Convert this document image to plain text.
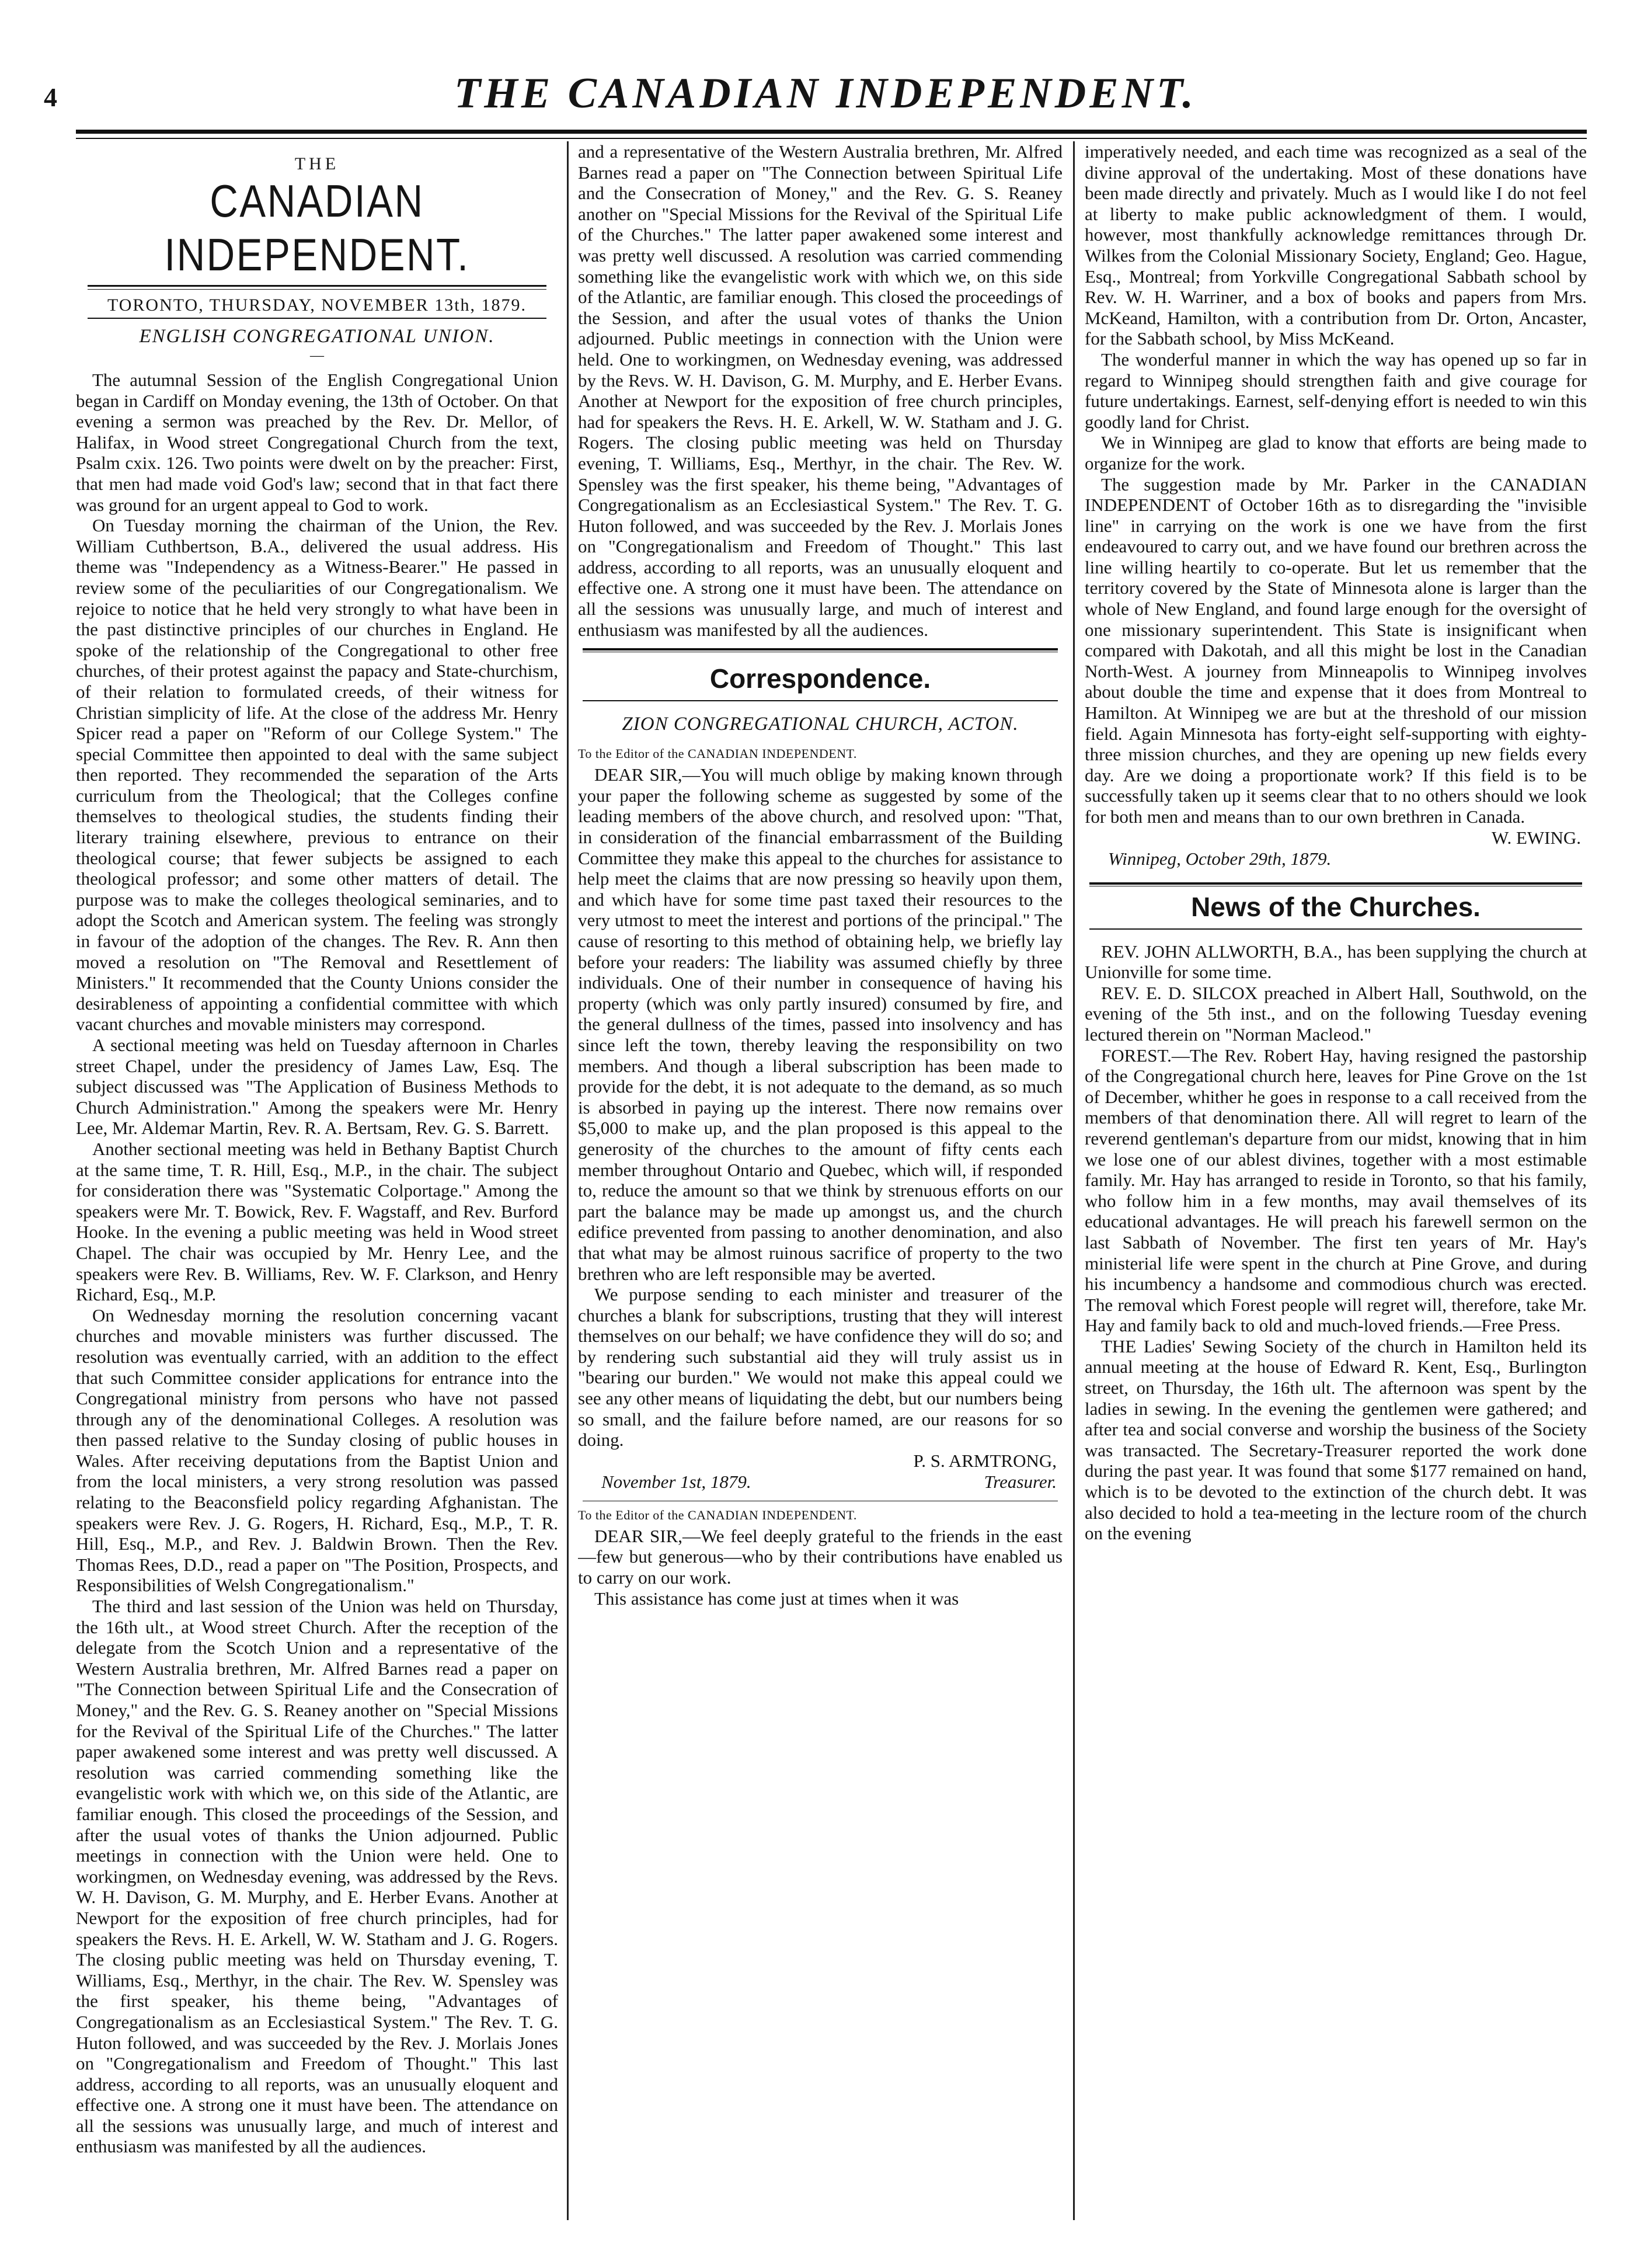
4	THE CANADIAN INDEPENDENT.
THE
CANADIAN INDEPENDENT.
TORONTO, THURSDAY, NOVEMBER 13th, 1879.
ENGLISH CONGREGATIONAL UNION.
—

The autumnal Session of the English Congregational Union began in Cardiff on Monday evening, the 13th of October. On that evening a sermon was preached by the Rev. Dr. Mellor, of Halifax, in Wood street Congregational Church from the text, Psalm cxix. 126. Two points were dwelt on by the preacher: First, that men had made void God's law; second that in that fact there was ground for an urgent appeal to God to work.

On Tuesday morning the chairman of the Union, the Rev. William Cuthbertson, B.A., delivered the usual address. His theme was "Independency as a Witness-Bearer." He passed in review some of the peculiarities of our Congregationalism. We rejoice to notice that he held very strongly to what have been in the past distinctive principles of our churches in England. He spoke of the relationship of the Congregational to other free churches, of their protest against the papacy and State-churchism, of their relation to formulated creeds, of their witness for Christian simplicity of life. At the close of the address Mr. Henry Spicer read a paper on "Reform of our College System." The special Committee then appointed to deal with the same subject then reported. They recommended the separation of the Arts curriculum from the Theological; that the Colleges confine themselves to theological studies, the students finding their literary training elsewhere, previous to entrance on their theological course; that fewer subjects be assigned to each theological professor; and some other matters of detail. The purpose was to make the colleges theological seminaries, and to adopt the Scotch and American system. The feeling was strongly in favour of the adoption of the changes. The Rev. R. Ann then moved a resolution on "The Removal and Resettlement of Ministers." It recommended that the County Unions consider the desirableness of appointing a confidential committee with which vacant churches and movable ministers may correspond.

A sectional meeting was held on Tuesday afternoon in Charles street Chapel, under the presidency of James Law, Esq. The subject discussed was "The Application of Business Methods to Church Administration." Among the speakers were Mr. Henry Lee, Mr. Aldemar Martin, Rev. R. A. Bertsam, Rev. G. S. Barrett.

Another sectional meeting was held in Bethany Baptist Church at the same time, T. R. Hill, Esq., M.P., in the chair. The subject for consideration there was "Systematic Colportage." Among the speakers were Mr. T. Bowick, Rev. F. Wagstaff, and Rev. Burford Hooke. In the evening a public meeting was held in Wood street Chapel. The chair was occupied by Mr. Henry Lee, and the speakers were Rev. B. Williams, Rev. W. F. Clarkson, and Henry Richard, Esq., M.P.

On Wednesday morning the resolution concerning vacant churches and movable ministers was further discussed. The resolution was eventually carried, with an addition to the effect that such Committee consider applications for entrance into the Congregational ministry from persons who have not passed through any of the denominational Colleges. A resolution was then passed relative to the Sunday closing of public houses in Wales. After receiving deputations from the Baptist Union and from the local ministers, a very strong resolution was passed relating to the Beaconsfield policy regarding Afghanistan. The speakers were Rev. J. G. Rogers, H. Richard, Esq., M.P., T. R. Hill, Esq., M.P., and Rev. J. Baldwin Brown. Then the Rev. Thomas Rees, D.D., read a paper on "The Position, Prospects, and Responsibilities of Welsh Congregationalism."

The third and last session of the Union was held on Thursday, the 16th ult., at Wood street Church. After the reception of the delegate from the Scotch Union and a representative of the Western Australia brethren, Mr. Alfred Barnes read a paper on "The Connection between Spiritual Life and the Consecration of Money," and the Rev. G. S. Reaney another on "Special Missions for the Revival of the Spiritual Life of the Churches." The latter paper awakened some interest and was pretty well discussed. A resolution was carried commending something like the evangelistic work with which we, on this side of the Atlantic, are familiar enough. This closed the proceedings of the Session, and after the usual votes of thanks the Union adjourned. Public meetings in connection with the Union were held. One to workingmen, on Wednesday evening, was addressed by the Revs. W. H. Davison, G. M. Murphy, and E. Herber Evans. Another at Newport for the exposition of free church principles, had for speakers the Revs. H. E. Arkell, W. W. Statham and J. G. Rogers. The closing public meeting was held on Thursday evening, T. Williams, Esq., Merthyr, in the chair. The Rev. W. Spensley was the first speaker, his theme being, "Advantages of Congregationalism as an Ecclesiastical System." The Rev. T. G. Huton followed, and was succeeded by the Rev. J. Morlais Jones on "Congregationalism and Freedom of Thought." This last address, according to all reports, was an unusually eloquent and effective one. A strong one it must have been. The attendance on all the sessions was unusually large, and much of interest and enthusiasm was manifested by all the audiences.

and a representative of the Western Australia brethren, Mr. Alfred Barnes read a paper on "The Connection between Spiritual Life and the Consecration of Money," and the Rev. G. S. Reaney another on "Special Missions for the Revival of the Spiritual Life of the Churches." The latter paper awakened some interest and was pretty well discussed. A resolution was carried commending something like the evangelistic work with which we, on this side of the Atlantic, are familiar enough. This closed the proceedings of the Session, and after the usual votes of thanks the Union adjourned. Public meetings in connection with the Union were held. One to workingmen, on Wednesday evening, was addressed by the Revs. W. H. Davison, G. M. Murphy, and E. Herber Evans. Another at Newport for the exposition of free church principles, had for speakers the Revs. H. E. Arkell, W. W. Statham and J. G. Rogers. The closing public meeting was held on Thursday evening, T. Williams, Esq., Merthyr, in the chair. The Rev. W. Spensley was the first speaker, his theme being, "Advantages of Congregationalism as an Ecclesiastical System." The Rev. T. G. Huton followed, and was succeeded by the Rev. J. Morlais Jones on "Congregationalism and Freedom of Thought." This last address, according to all reports, was an unusually eloquent and effective one. A strong one it must have been. The attendance on all the sessions was unusually large, and much of interest and enthusiasm was manifested by all the audiences.

Correspondence.
ZION CONGREGATIONAL CHURCH, ACTON.

To the Editor of the CANADIAN INDEPENDENT.

DEAR SIR,—You will much oblige by making known through your paper the following scheme as suggested by some of the leading members of the above church, and resolved upon: "That, in consideration of the financial embarrassment of the Building Committee they make this appeal to the churches for assistance to help meet the claims that are now pressing so heavily upon them, and which have for some time past taxed their resources to the very utmost to meet the interest and portions of the principal." The cause of resorting to this method of obtaining help, we briefly lay before your readers: The liability was assumed chiefly by three individuals. One of their number in consequence of having his property (which was only partly insured) consumed by fire, and the general dullness of the times, passed into insolvency and has since left the town, thereby leaving the responsibility on two members. And though a liberal subscription has been made to provide for the debt, it is not adequate to the demand, as so much is absorbed in paying up the interest. There now remains over $5,000 to make up, and the plan proposed is this appeal to the generosity of the churches to the amount of fifty cents each member throughout Ontario and Quebec, which will, if responded to, reduce the amount so that we think by strenuous efforts on our part the balance may be made up amongst us, and the church edifice prevented from passing to another denomination, and also that what may be almost ruinous sacrifice of property to the two brethren who are left responsible may be averted.

We purpose sending to each minister and treasurer of the churches a blank for subscriptions, trusting that they will interest themselves on our behalf; we have confidence they will do so; and by rendering such substantial aid they will truly assist us in "bearing our burden." We would not make this appeal could we see any other means of liquidating the debt, but our numbers being so small, and the failure before named, are our reasons for so doing.

P. S. ARMTRONG,
November 1st, 1879.	Treasurer.

To the Editor of the CANADIAN INDEPENDENT.

DEAR SIR,—We feel deeply grateful to the friends in the east—few but generous—who by their contributions have enabled us to carry on our work.

This assistance has come just at times when it was

imperatively needed, and each time was recognized as a seal of the divine approval of the undertaking. Most of these donations have been made directly and privately. Much as I would like I do not feel at liberty to make public acknowledgment of them. I would, however, most thankfully acknowledge remittances through Dr. Wilkes from the Colonial Missionary Society, England; Geo. Hague, Esq., Montreal; from Yorkville Congregational Sabbath school by Rev. W. H. Warriner, and a box of books and papers from Mrs. McKeand, Hamilton, with a contribution from Dr. Orton, Ancaster, for the Sabbath school, by Miss McKeand.

The wonderful manner in which the way has opened up so far in regard to Winnipeg should strengthen faith and give courage for future undertakings. Earnest, self-denying effort is needed to win this goodly land for Christ.

We in Winnipeg are glad to know that efforts are being made to organize for the work.

The suggestion made by Mr. Parker in the CANADIAN INDEPENDENT of October 16th as to disregarding the "invisible line" in carrying on the work is one we have from the first endeavoured to carry out, and we have found our brethren across the line willing heartily to co-operate. But let us remember that the territory covered by the State of Minnesota alone is larger than the whole of New England, and found large enough for the oversight of one missionary superintendent. This State is insignificant when compared with Dakotah, and all this might be lost in the Canadian North-West. A journey from Minneapolis to Winnipeg involves about double the time and expense that it does from Montreal to Hamilton. At Winnipeg we are but at the threshold of our mission field. Again Minnesota has forty-eight self-supporting with eighty-three mission churches, and they are opening up new fields every day. Are we doing a proportionate work? If this field is to be successfully taken up it seems clear that to no others should we look for both men and means than to our own brethren in Canada.

W. EWING.
Winnipeg, October 29th, 1879.
News of the Churches.

REV. JOHN ALLWORTH, B.A., has been supplying the church at Unionville for some time.

REV. E. D. SILCOX preached in Albert Hall, Southwold, on the evening of the 5th inst., and on the following Tuesday evening lectured therein on "Norman Macleod."

FOREST.—The Rev. Robert Hay, having resigned the pastorship of the Congregational church here, leaves for Pine Grove on the 1st of December, whither he goes in response to a call received from the members of that denomination there. All will regret to learn of the reverend gentleman's departure from our midst, knowing that in him we lose one of our ablest divines, together with a most estimable family. Mr. Hay has arranged to reside in Toronto, so that his family, who follow him in a few months, may avail themselves of its educational advantages. He will preach his farewell sermon on the last Sabbath of November. The first ten years of Mr. Hay's ministerial life were spent in the church at Pine Grove, and during his incumbency a handsome and commodious church was erected. The removal which Forest people will regret will, therefore, take Mr. Hay and family back to old and much-loved friends.—Free Press.

THE Ladies' Sewing Society of the church in Hamilton held its annual meeting at the house of Edward R. Kent, Esq., Burlington street, on Thursday, the 16th ult. The afternoon was spent by the ladies in sewing. In the evening the gentlemen were gathered; and after tea and social converse and worship the business of the Society was transacted. The Secretary-Treasurer reported the work done during the past year. It was found that some $177 remained on hand, which is to be devoted to the extinction of the church debt. It was also decided to hold a tea-meeting in the lecture room of the church on the evening
